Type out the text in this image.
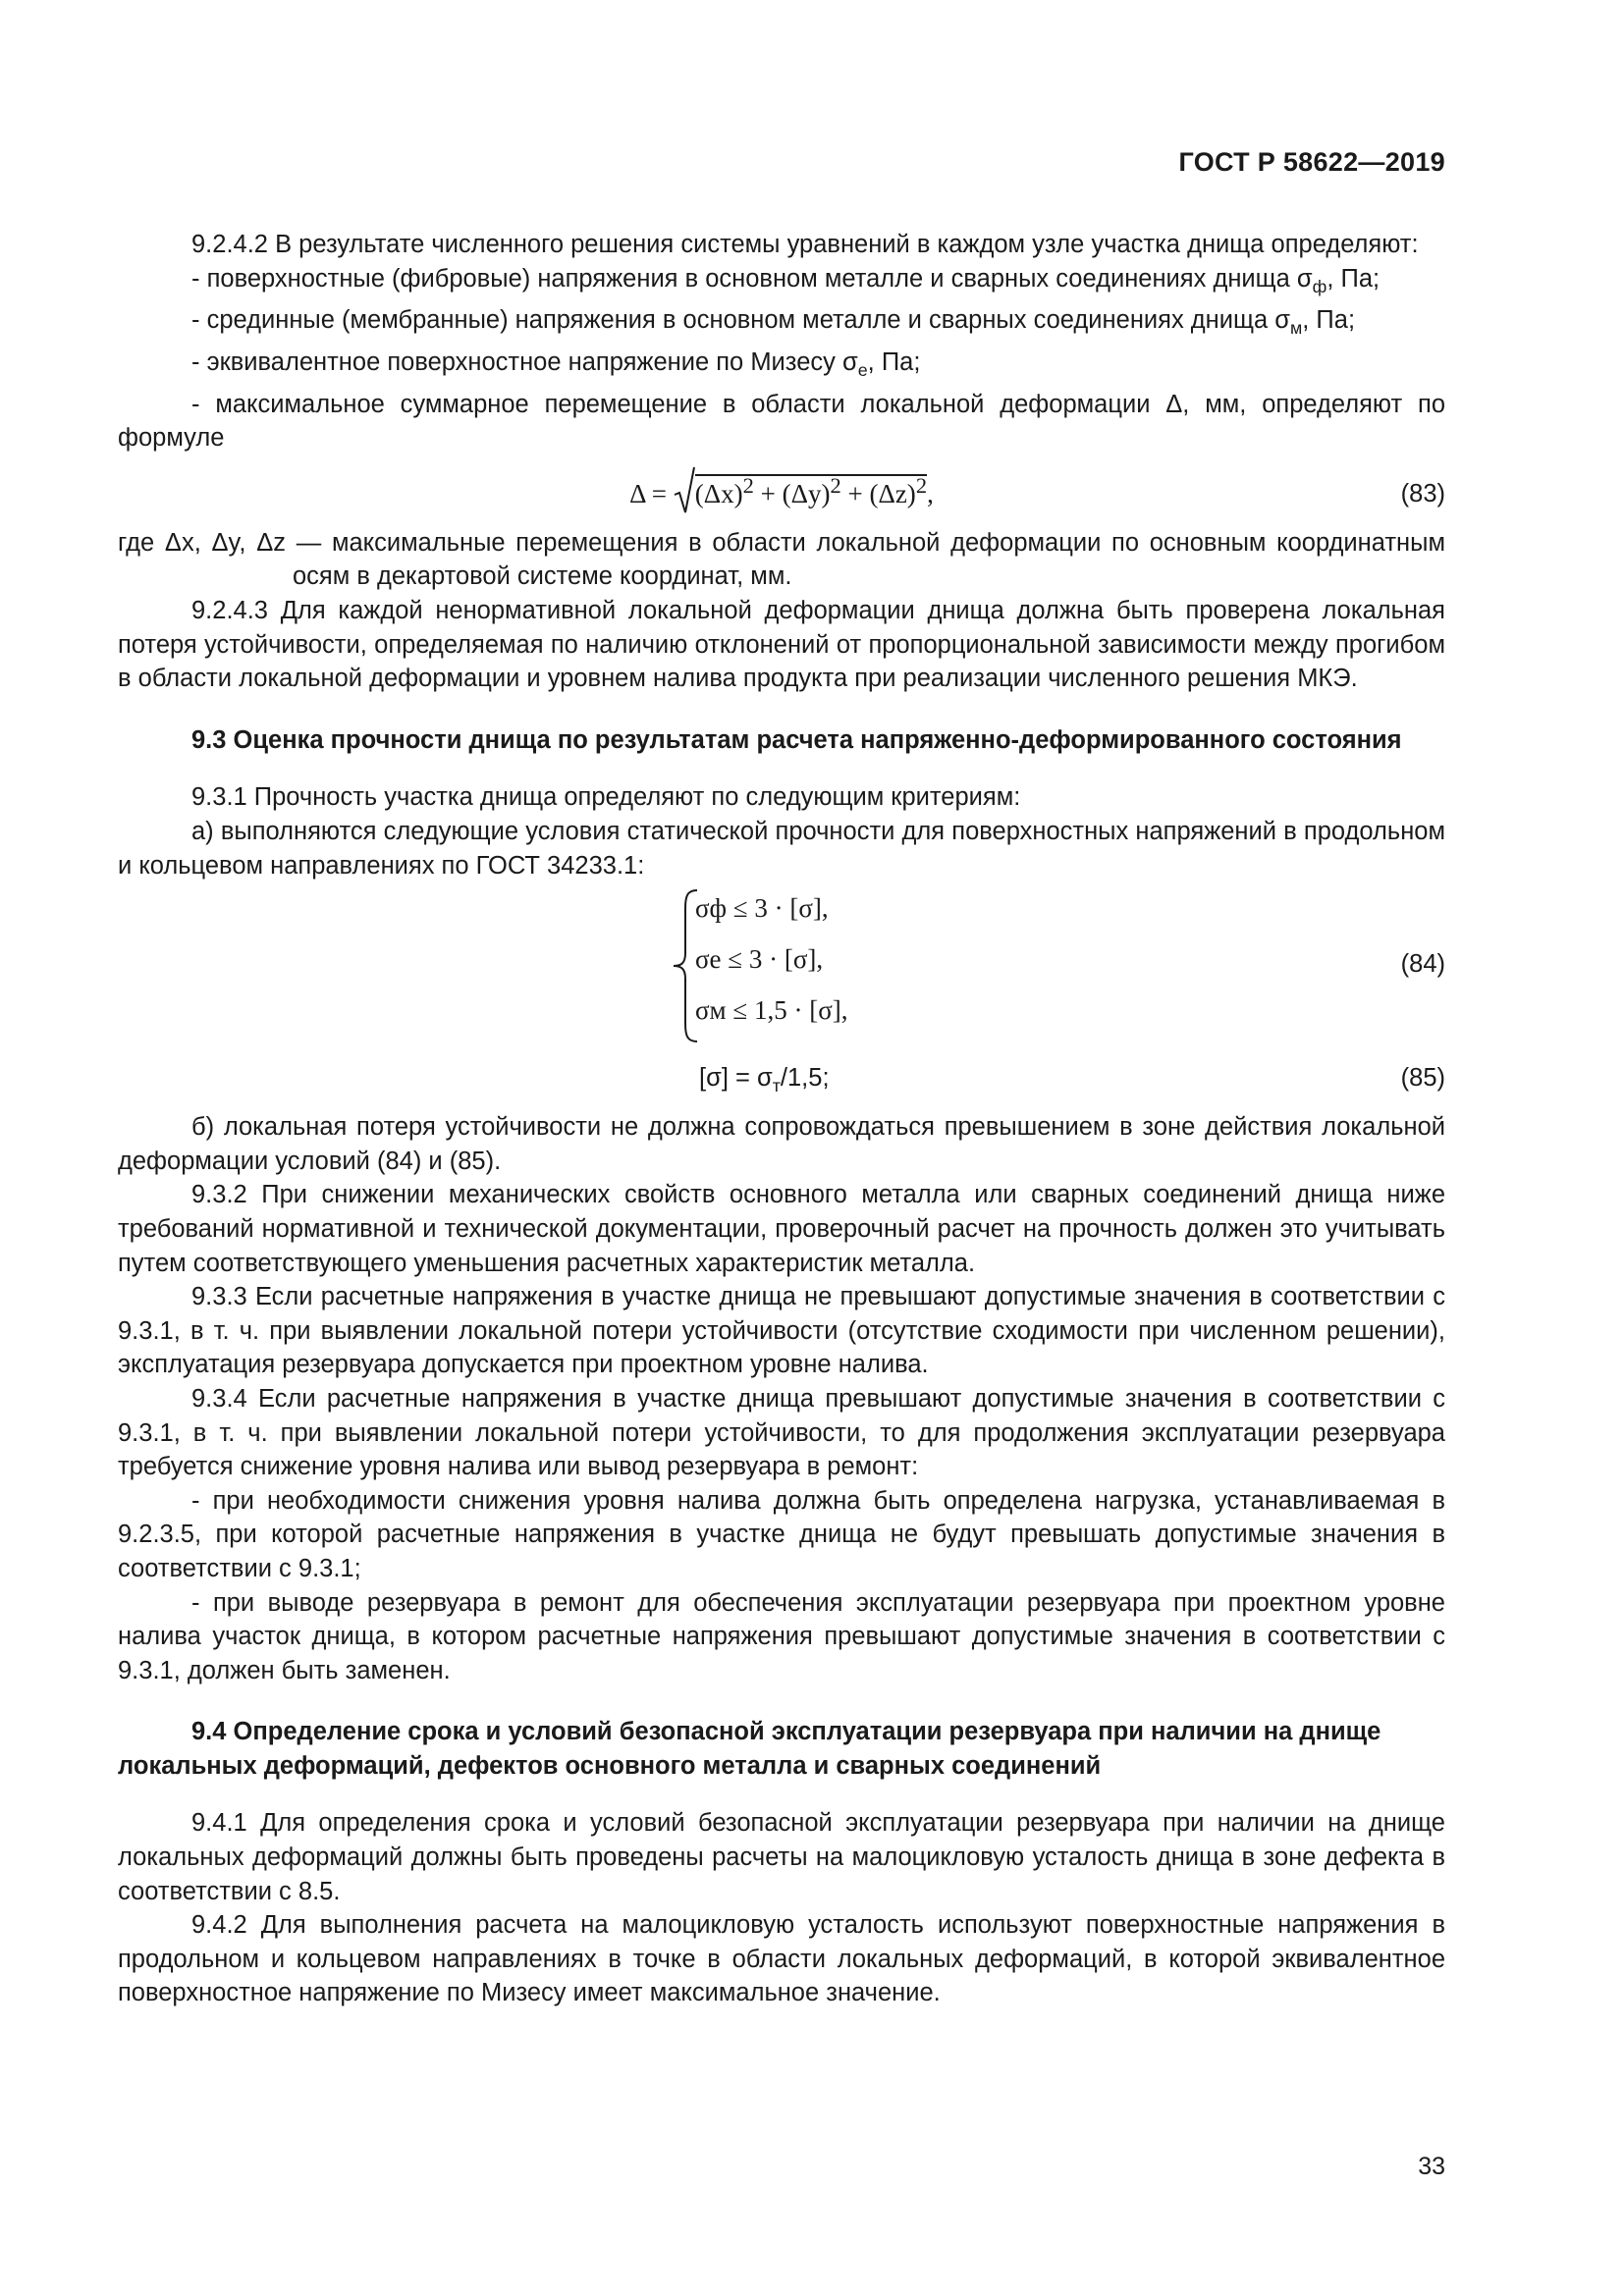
ГОСТ Р 58622—2019

9.2.4.2 В результате численного решения системы уравнений в каждом узле участка днища определяют:

- поверхностные (фибровые) напряжения в основном металле и сварных соединениях днища $\sigma_ф$, Па;

- срединные (мембранные) напряжения в основном металле и сварных соединениях днища $\sigma_м$, Па;

- эквивалентное поверхностное напряжение по Мизесу $\sigma_е$, Па;

- максимальное суммарное перемещение в области локальной деформации Δ, мм, определяют по формуле

$\Delta = (\Delta x)^2 + (\Delta y)^2 + (\Delta z)^2$,	(83)

где Δx, Δy, Δz — максимальные перемещения в области локальной деформации по основным координатным осям в декартовой системе координат, мм.

9.2.4.3 Для каждой ненормативной локальной деформации днища должна быть проверена локальная потеря устойчивости, определяемая по наличию отклонений от пропорциональной зависимости между прогибом в области локальной деформации и уровнем налива продукта при реализации численного решения МКЭ.

9.3 Оценка прочности днища по результатам расчета напряженно-деформированного состояния

9.3.1 Прочность участка днища определяют по следующим критериям:

а) выполняются следующие условия статической прочности для поверхностных напряжений в продольном и кольцевом направлениях по ГОСТ 34233.1:

σф ≤ 3 · [σ],
σе ≤ 3 · [σ],
σм ≤ 1,5 · [σ],
(84)
$[\sigma] = \sigma_т/1,5$;	(85)

б) локальная потеря устойчивости не должна сопровождаться превышением в зоне действия локальной деформации условий (84) и (85).

9.3.2 При снижении механических свойств основного металла или сварных соединений днища ниже требований нормативной и технической документации, проверочный расчет на прочность должен это учитывать путем соответствующего уменьшения расчетных характеристик металла.

9.3.3 Если расчетные напряжения в участке днища не превышают допустимые значения в соответствии с 9.3.1, в т. ч. при выявлении локальной потери устойчивости (отсутствие сходимости при численном решении), эксплуатация резервуара допускается при проектном уровне налива.

9.3.4 Если расчетные напряжения в участке днища превышают допустимые значения в соответствии с 9.3.1, в т. ч. при выявлении локальной потери устойчивости, то для продолжения эксплуатации резервуара требуется снижение уровня налива или вывод резервуара в ремонт:

- при необходимости снижения уровня налива должна быть определена нагрузка, устанавливаемая в 9.2.3.5, при которой расчетные напряжения в участке днища не будут превышать допустимые значения в соответствии с 9.3.1;

- при выводе резервуара в ремонт для обеспечения эксплуатации резервуара при проектном уровне налива участок днища, в котором расчетные напряжения превышают допустимые значения в соответствии с 9.3.1, должен быть заменен.

9.4 Определение срока и условий безопасной эксплуатации резервуара при наличии на днище локальных деформаций, дефектов основного металла и сварных соединений

9.4.1 Для определения срока и условий безопасной эксплуатации резервуара при наличии на днище локальных деформаций должны быть проведены расчеты на малоцикловую усталость днища в зоне дефекта в соответствии с 8.5.

9.4.2 Для выполнения расчета на малоцикловую усталость используют поверхностные напряжения в продольном и кольцевом направлениях в точке в области локальных деформаций, в которой эквивалентное поверхностное напряжение по Мизесу имеет максимальное значение.

33
